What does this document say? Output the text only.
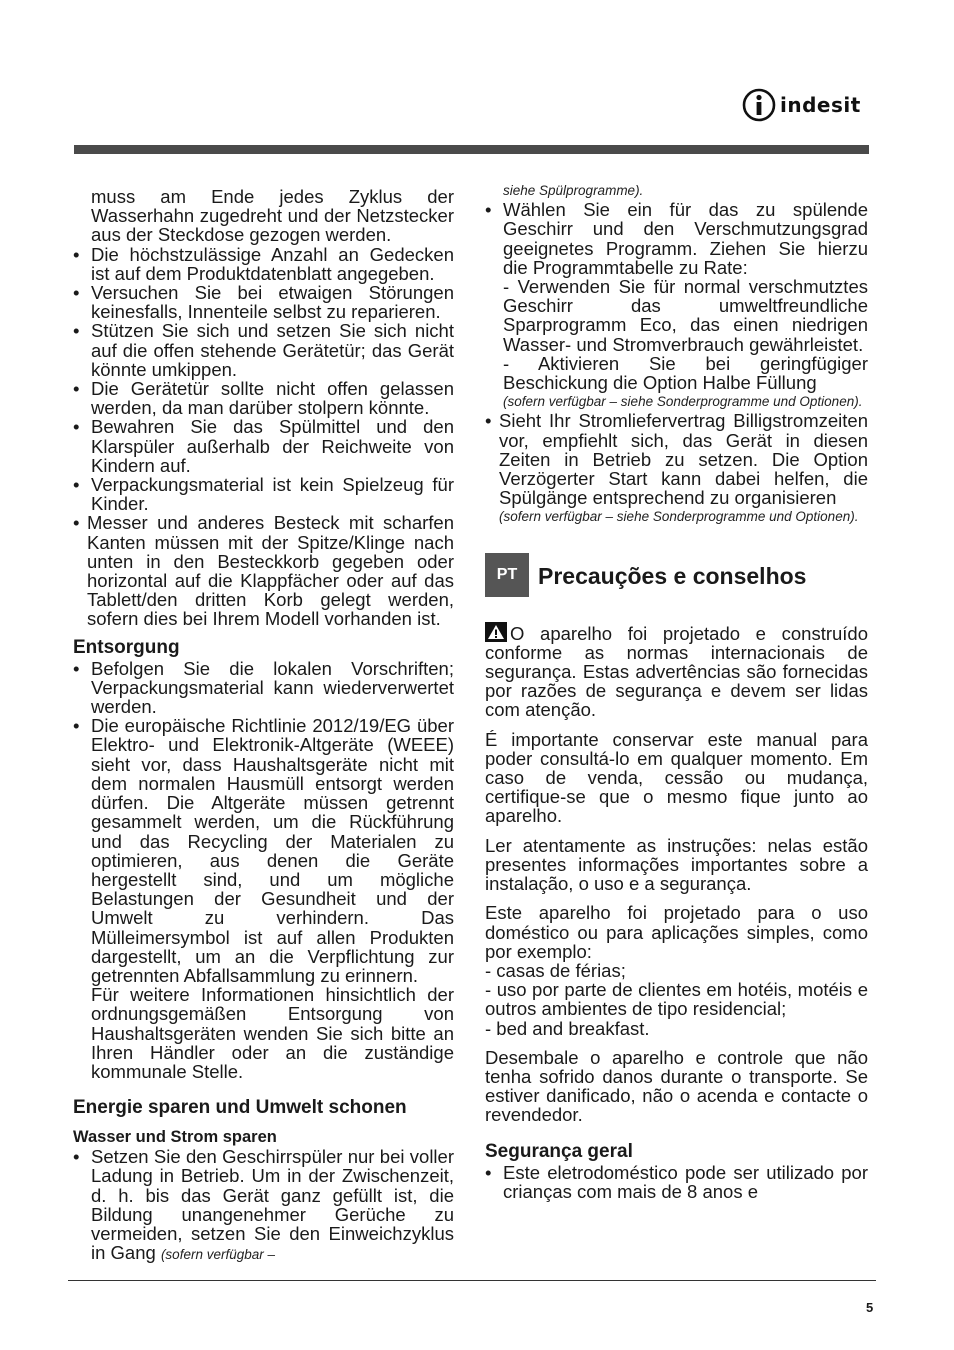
indesit

muss am Ende jedes Zyklus der Wasserhahn zugedreht und der Netzstecker aus der Steckdose gezogen werden.

• Die höchstzulässige Anzahl an Gedecken ist auf dem Produktdatenblatt angegeben.
• Versuchen Sie bei etwaigen Störungen keinesfalls, Innenteile selbst zu reparieren.
• Stützen Sie sich und setzen Sie sich nicht auf die offen stehende Gerätetür; das Gerät könnte umkippen.
• Die Gerätetür sollte nicht offen gelassen werden, da man darüber stolpern könnte.
• Bewahren Sie das Spülmittel und den Klarspüler außerhalb der Reichweite von Kindern auf.
• Verpackungsmaterial ist kein Spielzeug für Kinder.
• Messer und anderes Besteck mit scharfen Kanten müssen mit der Spitze/Klinge nach unten in den Besteckkorb gegeben oder horizontal auf die Klappfächer oder auf das Tablett/den dritten Korb gelegt werden, sofern dies bei Ihrem Modell vorhanden ist.
Entsorgung
• Befolgen Sie die lokalen Vorschriften; Verpackungsmaterial kann wiederverwertet werden.
• Die europäische Richtlinie 2012/19/EG über Elektro- und Elektronik-Altgeräte (WEEE) sieht vor, dass Haushaltsgeräte nicht mit dem normalen Hausmüll entsorgt werden dürfen. Die Altgeräte müssen getrennt gesammelt werden, um die Rückführung und das Recycling der Materialen zu optimieren, aus denen die Geräte hergestellt sind, und um mögliche Belastungen der Gesundheit und der Umwelt zu verhindern. Das Mülleimersymbol ist auf allen Produkten dargestellt, um an die Verpflichtung zur getrennten Abfallsammlung zu erinnern.

Für weitere Informationen hinsichtlich der ordnungsgemäßen Entsorgung von Haushaltsgeräten wenden Sie sich bitte an Ihren Händler oder an die zuständige kommunale Stelle.

Energie sparen und Umwelt schonen
Wasser und Strom sparen
• Setzen Sie den Geschirrspüler nur bei voller Ladung in Betrieb. Um in der Zwischenzeit, d. h. bis das Gerät ganz gefüllt ist, die Bildung unangenehmer Gerüche zu vermeiden, setzen Sie den Einweichzyklus in Gang (sofern verfügbar –
siehe Spülprogramme).
• Wählen Sie ein für das zu spülende Geschirr und den Verschmutzungsgrad geeignetes Programm. Ziehen Sie hierzu die Programmtabelle zu Rate:
- Verwenden Sie für normal verschmutztes Geschirr das umweltfreundliche Sparprogramm Eco, das einen niedrigen Wasser- und Stromverbrauch gewährleistet.
- Aktivieren Sie bei geringfügiger Beschickung die Option Halbe Füllung
(sofern verfügbar – siehe Sonderprogramme und Optionen).
• Sieht Ihr Stromliefervertrag Billigstromzeiten vor, empfiehlt sich, das Gerät in diesen Zeiten in Betrieb zu setzen. Die Option Verzögerter Start kann dabei helfen, die Spülgänge entsprechend zu organisieren
(sofern verfügbar – siehe Sonderprogramme und Optionen).
PT Precauções e conselhos

O aparelho foi projetado e construído conforme as normas internacionais de segurança. Estas advertências são fornecidas por razões de segurança e devem ser lidas com atenção.

É importante conservar este manual para poder consultá-lo em qualquer momento. Em caso de venda, cessão ou mudança, certifique-se que o mesmo fique junto ao aparelho.

Ler atentamente as instruções: nelas estão presentes informações importantes sobre a instalação, o uso e a segurança.

Este aparelho foi projetado para o uso doméstico ou para aplicações simples, como por exemplo:

- casas de férias;

- uso por parte de clientes em hotéis, motéis e outros ambientes de tipo residencial;

- bed and breakfast.

Desembale o aparelho e controle que não tenha sofrido danos durante o transporte. Se estiver danificado, não o acenda e contacte o revendedor.

Segurança geral
• Este eletrodoméstico pode ser utilizado por crianças com mais de 8 anos e
5
